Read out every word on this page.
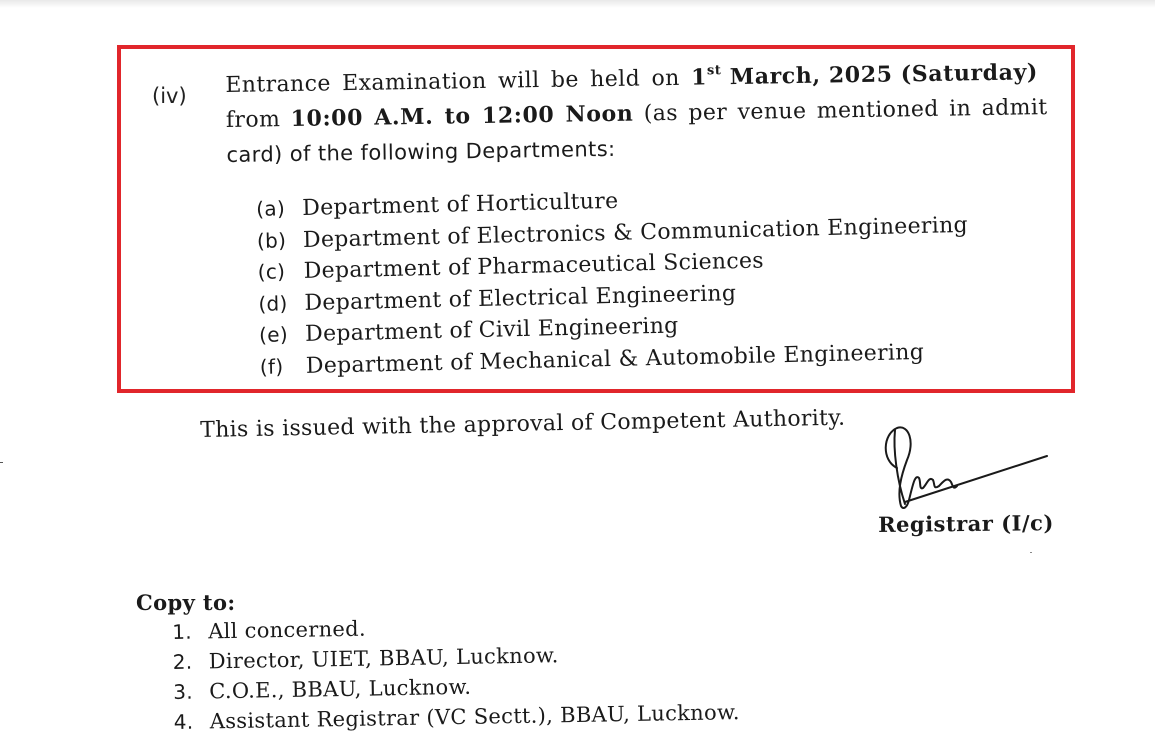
(iv) Entrance Examination will be held on 1st March, 2025 (Saturday)
from 10:00 A.M. to 12:00 Noon (as per venue mentioned in admit
card) of the following Departments:
(a) Department of Horticulture
(b) Department of Electronics & Communication Engineering
(c) Department of Pharmaceutical Sciences
(d) Department of Electrical Engineering
(e) Department of Civil Engineering
(f) Department of Mechanical & Automobile Engineering
This is issued with the approval of Competent Authority.
Registrar (I/c)
Copy to:
1. All concerned.
2. Director, UIET, BBAU, Lucknow.
3. C.O.E., BBAU, Lucknow.
4. Assistant Registrar (VC Sectt.), BBAU, Lucknow.
